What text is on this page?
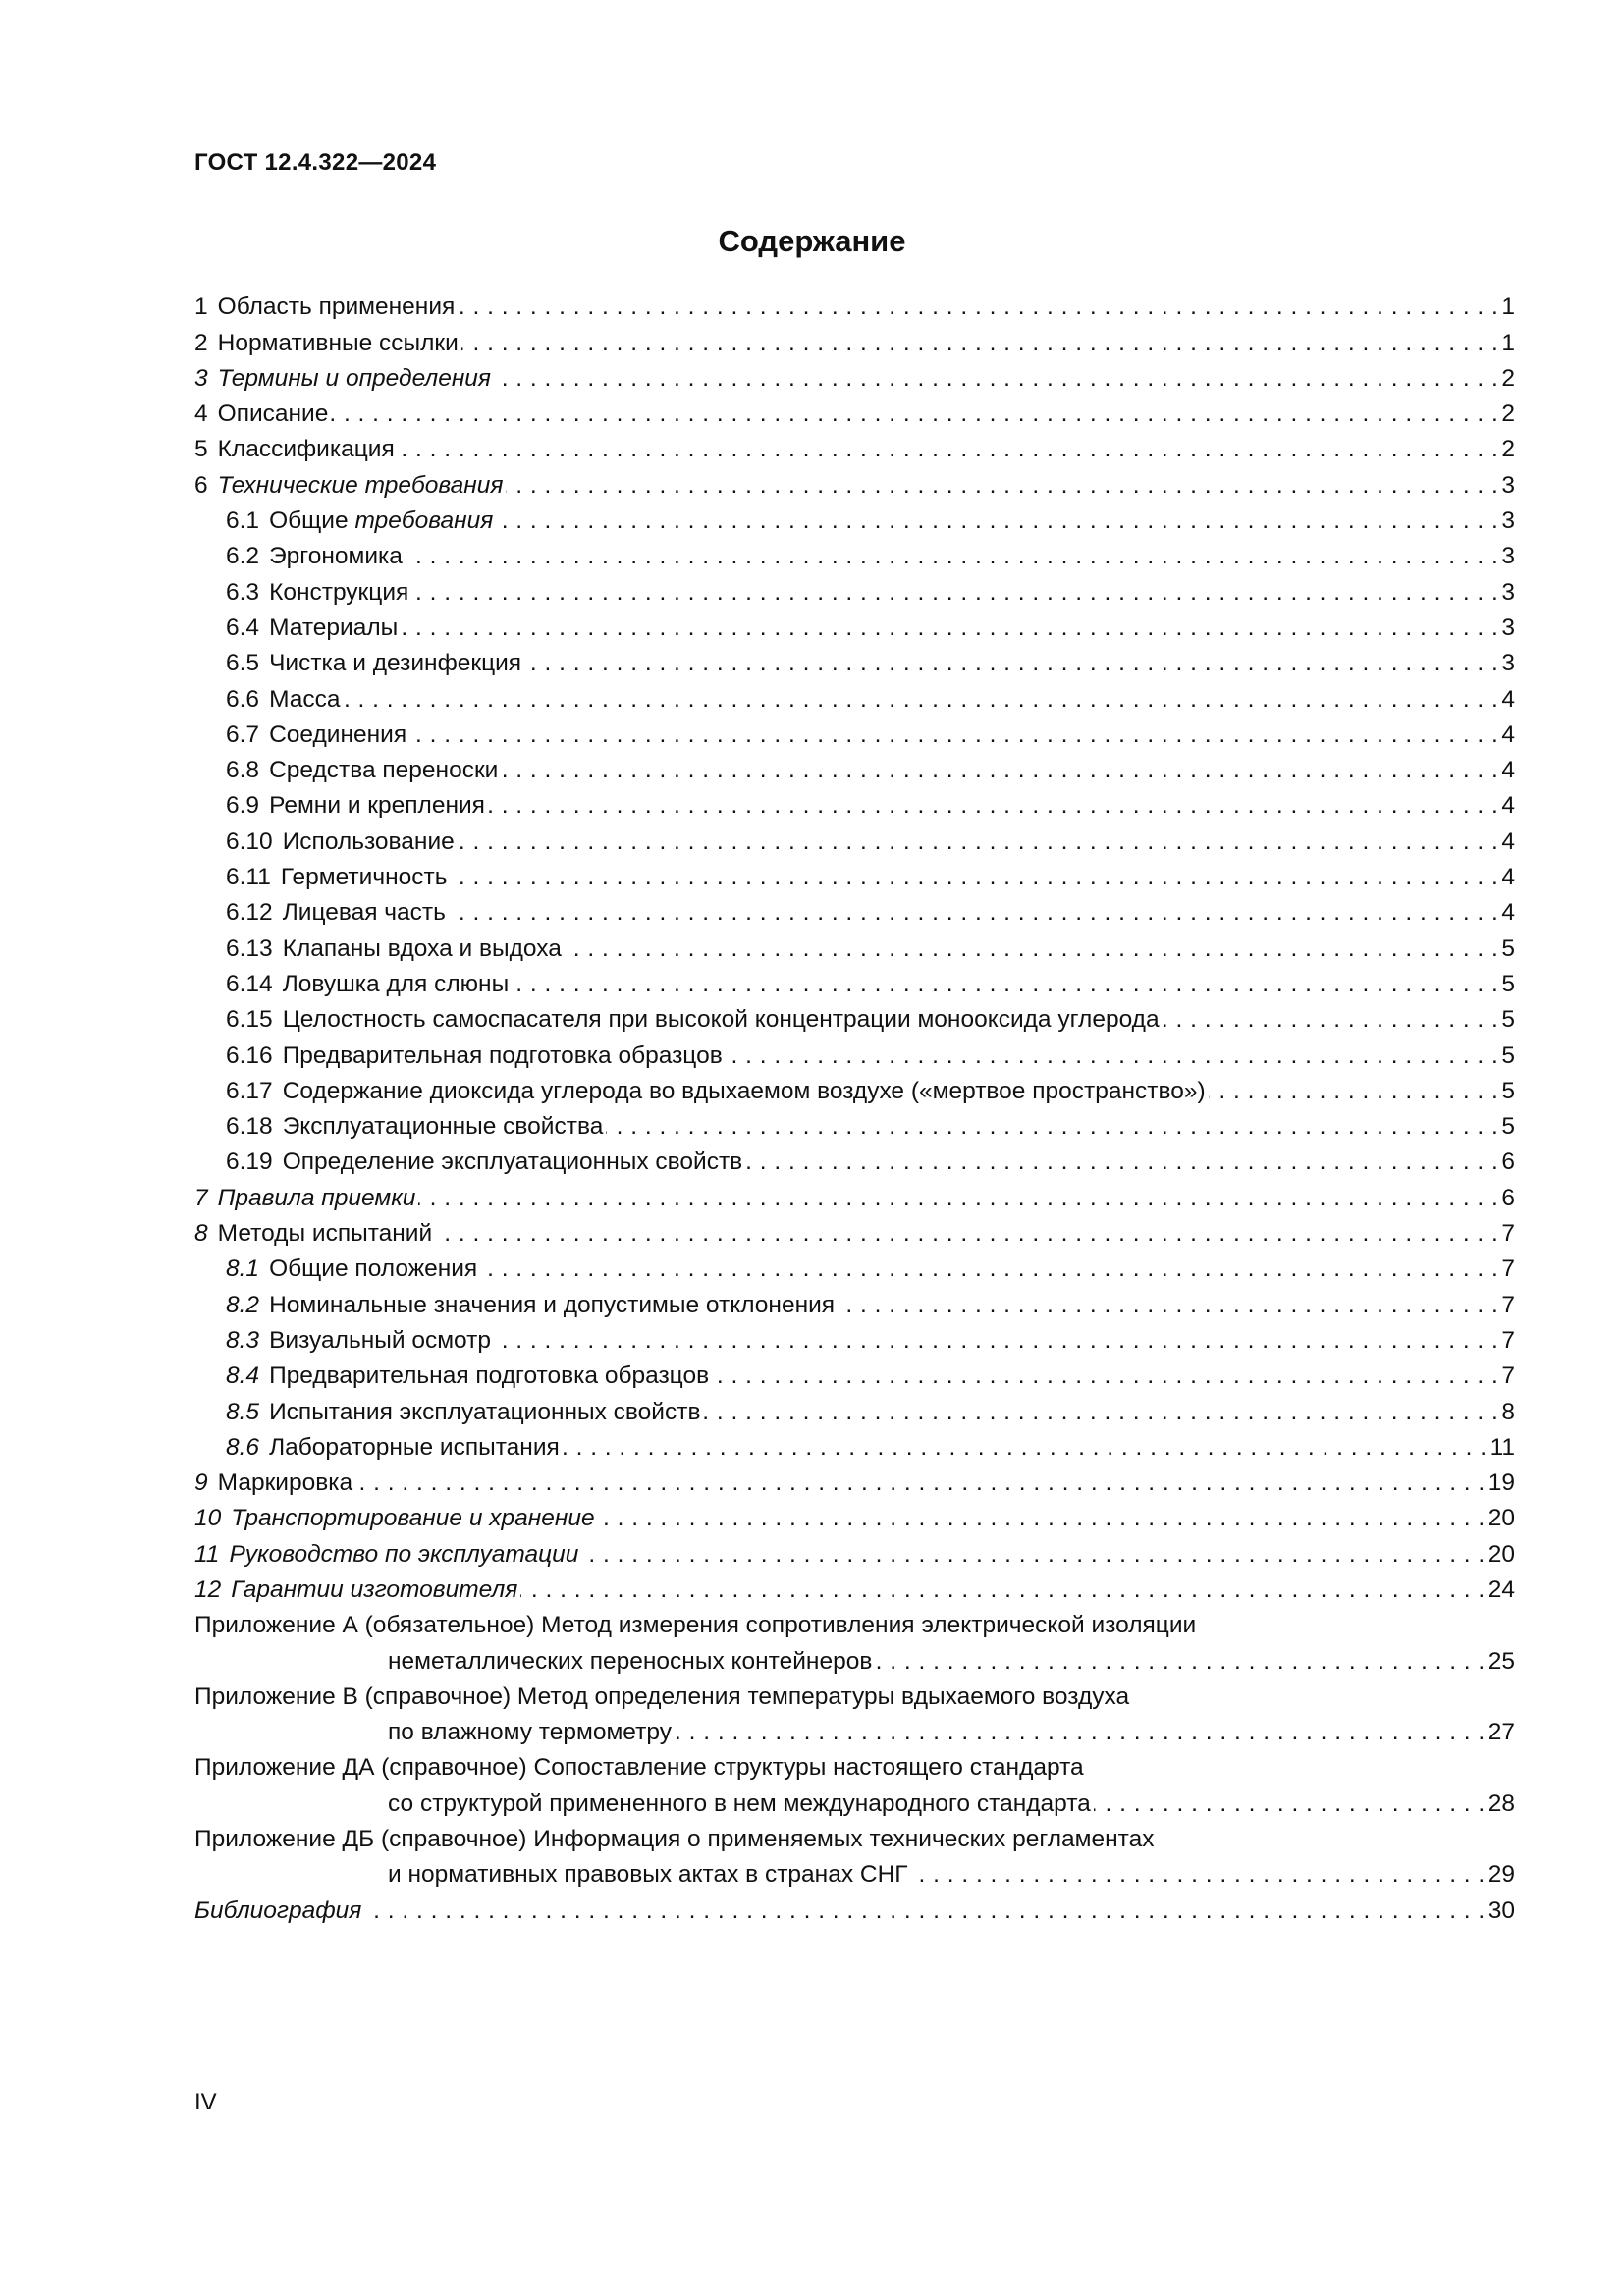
ГОСТ 12.4.322—2024
Содержание
1 Область применения . . .	1
2 Нормативные ссылки . . .	1
3 Термины и определения . . .	2
4 Описание . . .	2
5 Классификация . . .	2
6 Технические требования . . .	3
6.1 Общие требования . . .	3
6.2 Эргономика . . .	3
6.3 Конструкция . . .	3
6.4 Материалы . . .	3
6.5 Чистка и дезинфекция . . .	3
6.6 Масса . . .	4
6.7 Соединения . . .	4
6.8 Средства переноски . . .	4
6.9 Ремни и крепления . . .	4
6.10 Использование . . .	4
6.11 Герметичность . . .	4
6.12 Лицевая часть . . .	4
6.13 Клапаны вдоха и выдоха . . .	5
6.14 Ловушка для слюны . . .	5
6.15 Целостность самоспасателя при высокой концентрации монооксида углерода . . .	5
6.16 Предварительная подготовка образцов . . .	5
6.17 Содержание диоксида углерода во вдыхаемом воздухе («мертвое пространство») . . .	5
6.18 Эксплуатационные свойства . . .	5
6.19 Определение эксплуатационных свойств . . .	6
7 Правила приемки . . .	6
8 Методы испытаний . . .	7
8.1 Общие положения . . .	7
8.2 Номинальные значения и допустимые отклонения . . .	7
8.3 Визуальный осмотр . . .	7
8.4 Предварительная подготовка образцов . . .	7
8.5 Испытания эксплуатационных свойств . . .	8
8.6 Лабораторные испытания . . .	11
9 Маркировка . . .	19
10 Транспортирование и хранение . . .	20
11 Руководство по эксплуатации . . .	20
12 Гарантии изготовителя . . .	24
Приложение А (обязательное) Метод измерения сопротивления электрической изоляции
неметаллических переносных контейнеров . . .	25
Приложение В (справочное) Метод определения температуры вдыхаемого воздуха
по влажному термометру . . .	27
Приложение ДА (справочное) Сопоставление структуры настоящего стандарта
со структурой примененного в нем международного стандарта . . .	28
Приложение ДБ (справочное) Информация о применяемых технических регламентах
и нормативных правовых актах в странах СНГ . . .	29
Библиография . . .	30
IV
